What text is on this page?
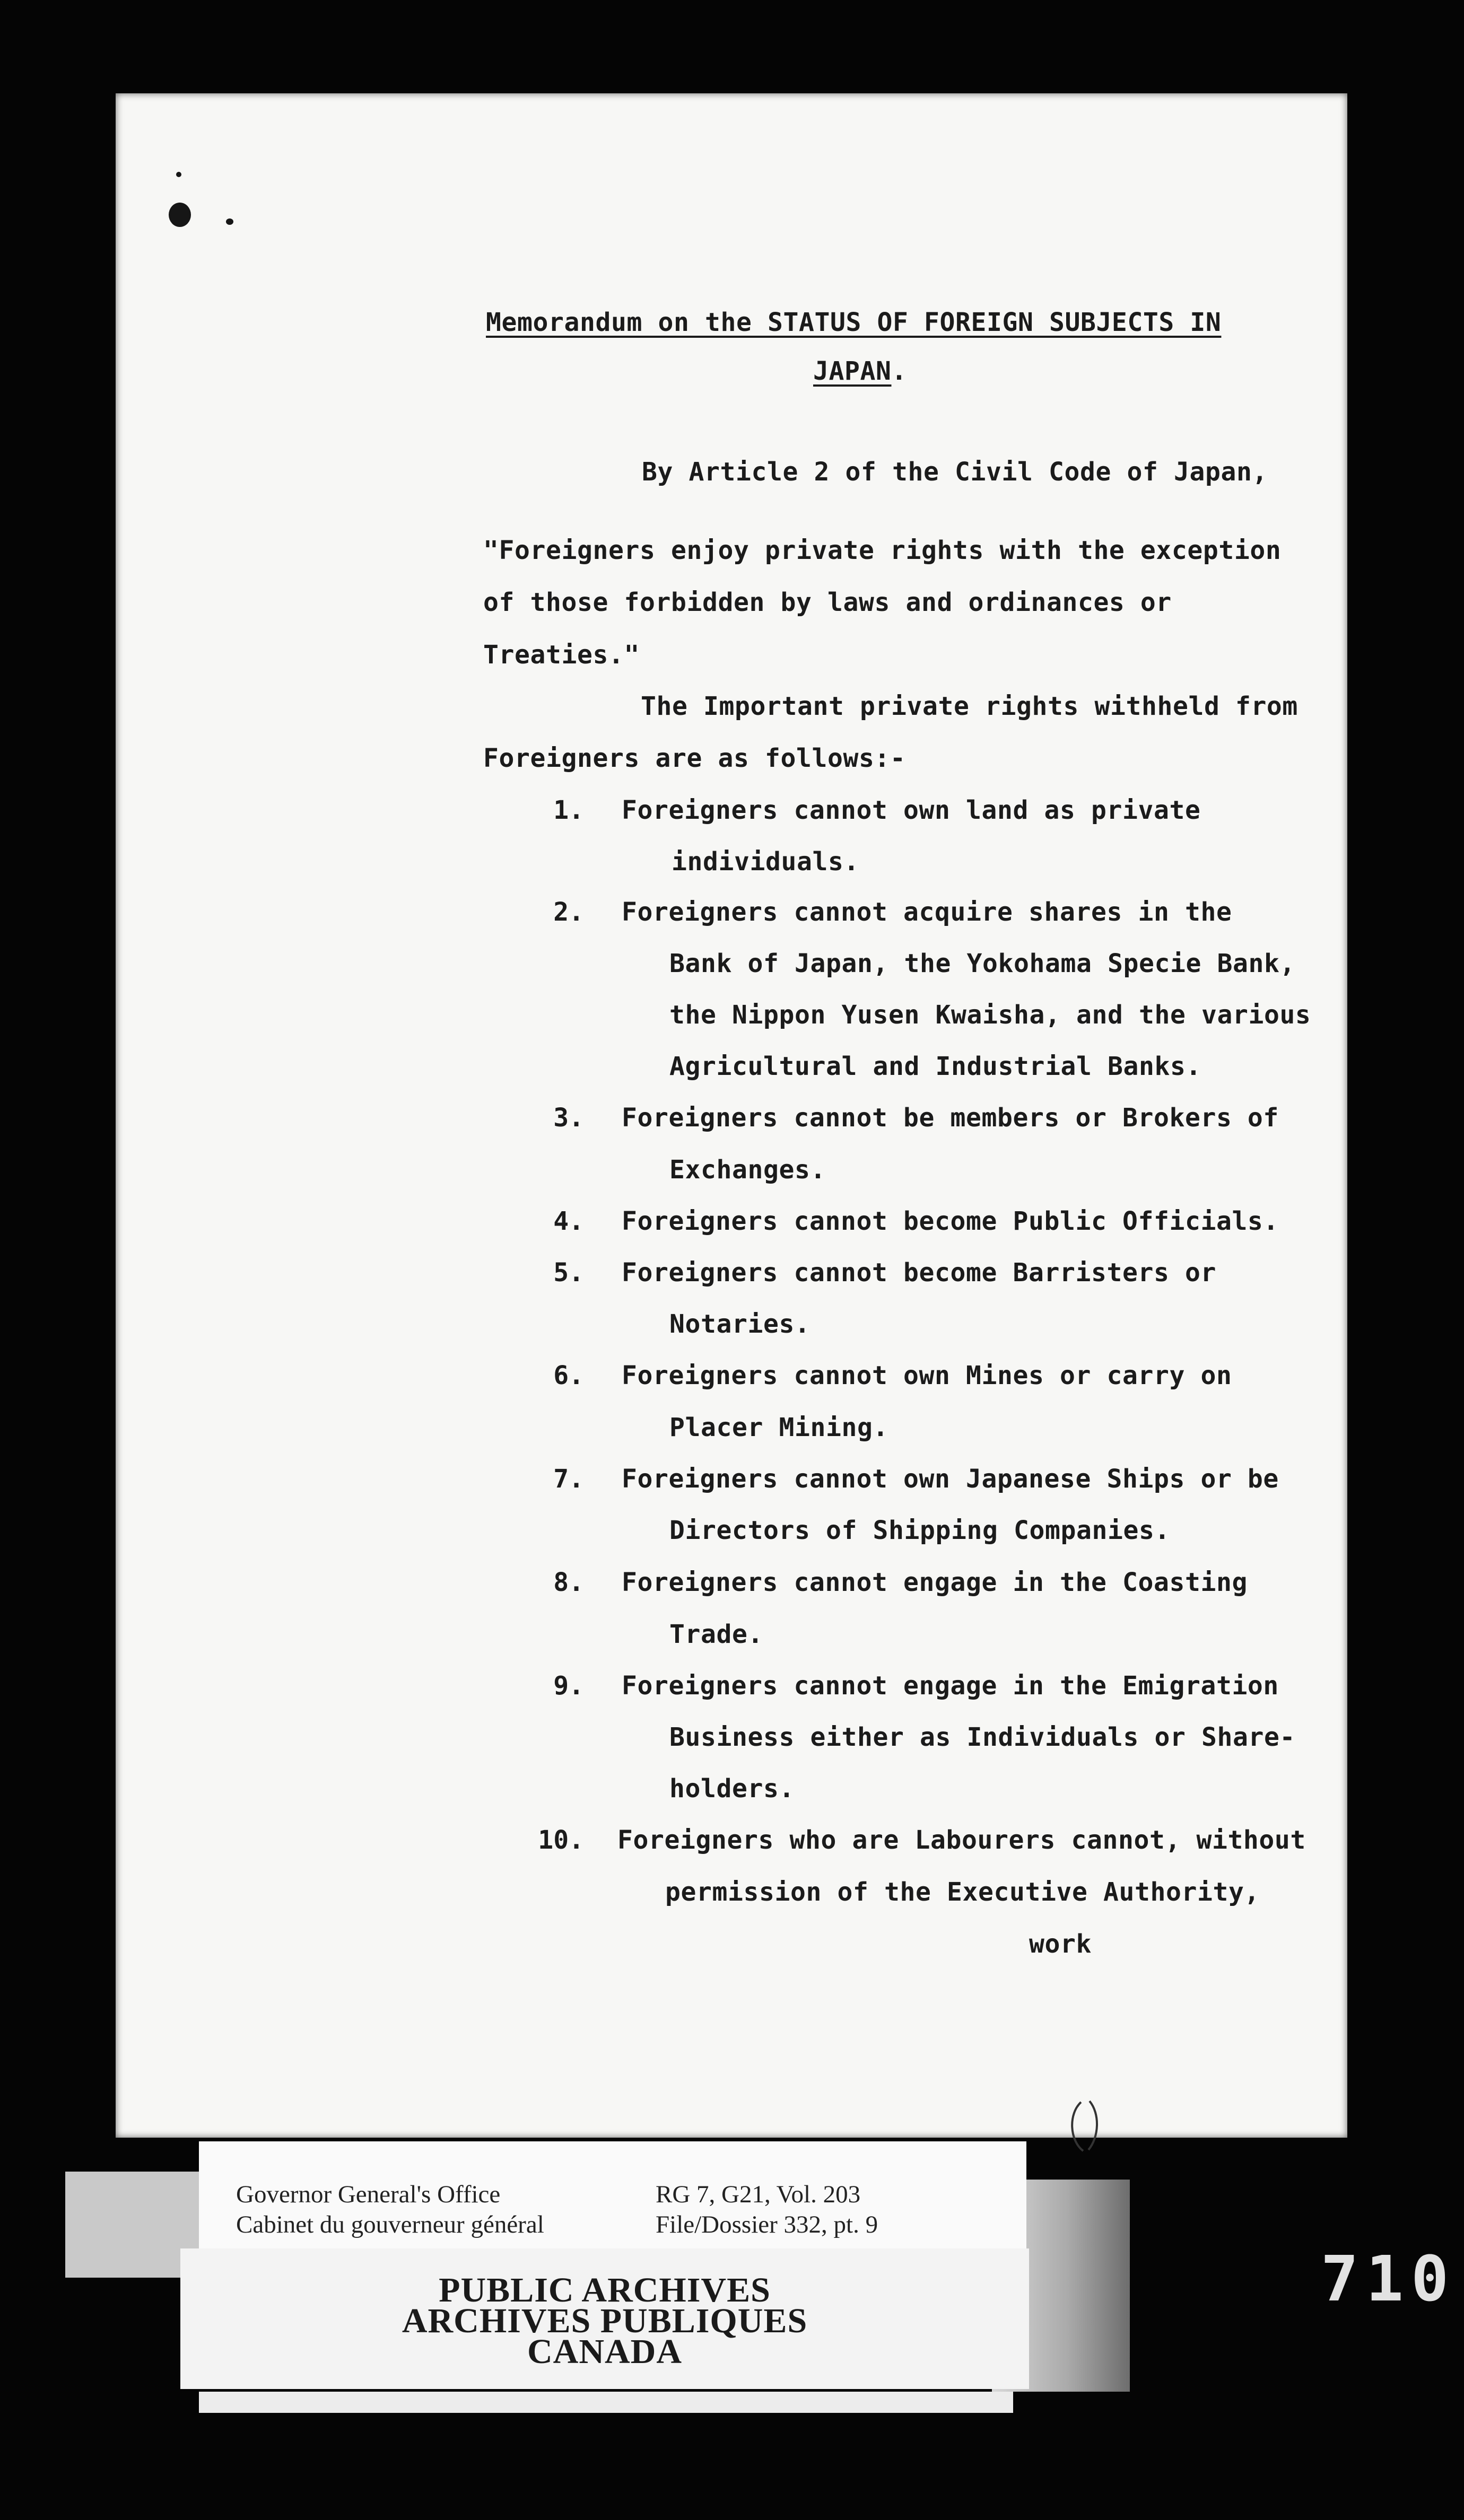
Memorandum on the STATUS OF FOREIGN SUBJECTS IN
JAPAN.
By Article 2 of the Civil Code of Japan,
"Foreigners enjoy private rights with the exception
of those forbidden by laws and ordinances or
Treaties."
The Important private rights withheld from
Foreigners are as follows:-
1. Foreigners cannot own land as private
individuals.
2. Foreigners cannot acquire shares in the
Bank of Japan, the Yokohama Specie Bank,
the Nippon Yusen Kwaisha, and the various
Agricultural and Industrial Banks.
3. Foreigners cannot be members or Brokers of
Exchanges.
4. Foreigners cannot become Public Officials.
5. Foreigners cannot become Barristers or
Notaries.
6. Foreigners cannot own Mines or carry on
Placer Mining.
7. Foreigners cannot own Japanese Ships or be
Directors of Shipping Companies.
8. Foreigners cannot engage in the Coasting
Trade.
9. Foreigners cannot engage in the Emigration
Business either as Individuals or Share-
holders.
10. Foreigners who are Labourers cannot, without
permission of the Executive Authority,
work
Governor General's Office
Cabinet du gouverneur général
RG 7, G21, Vol. 203
File/Dossier 332, pt. 9
PUBLIC ARCHIVES
ARCHIVES PUBLIQUES
CANADA
710
